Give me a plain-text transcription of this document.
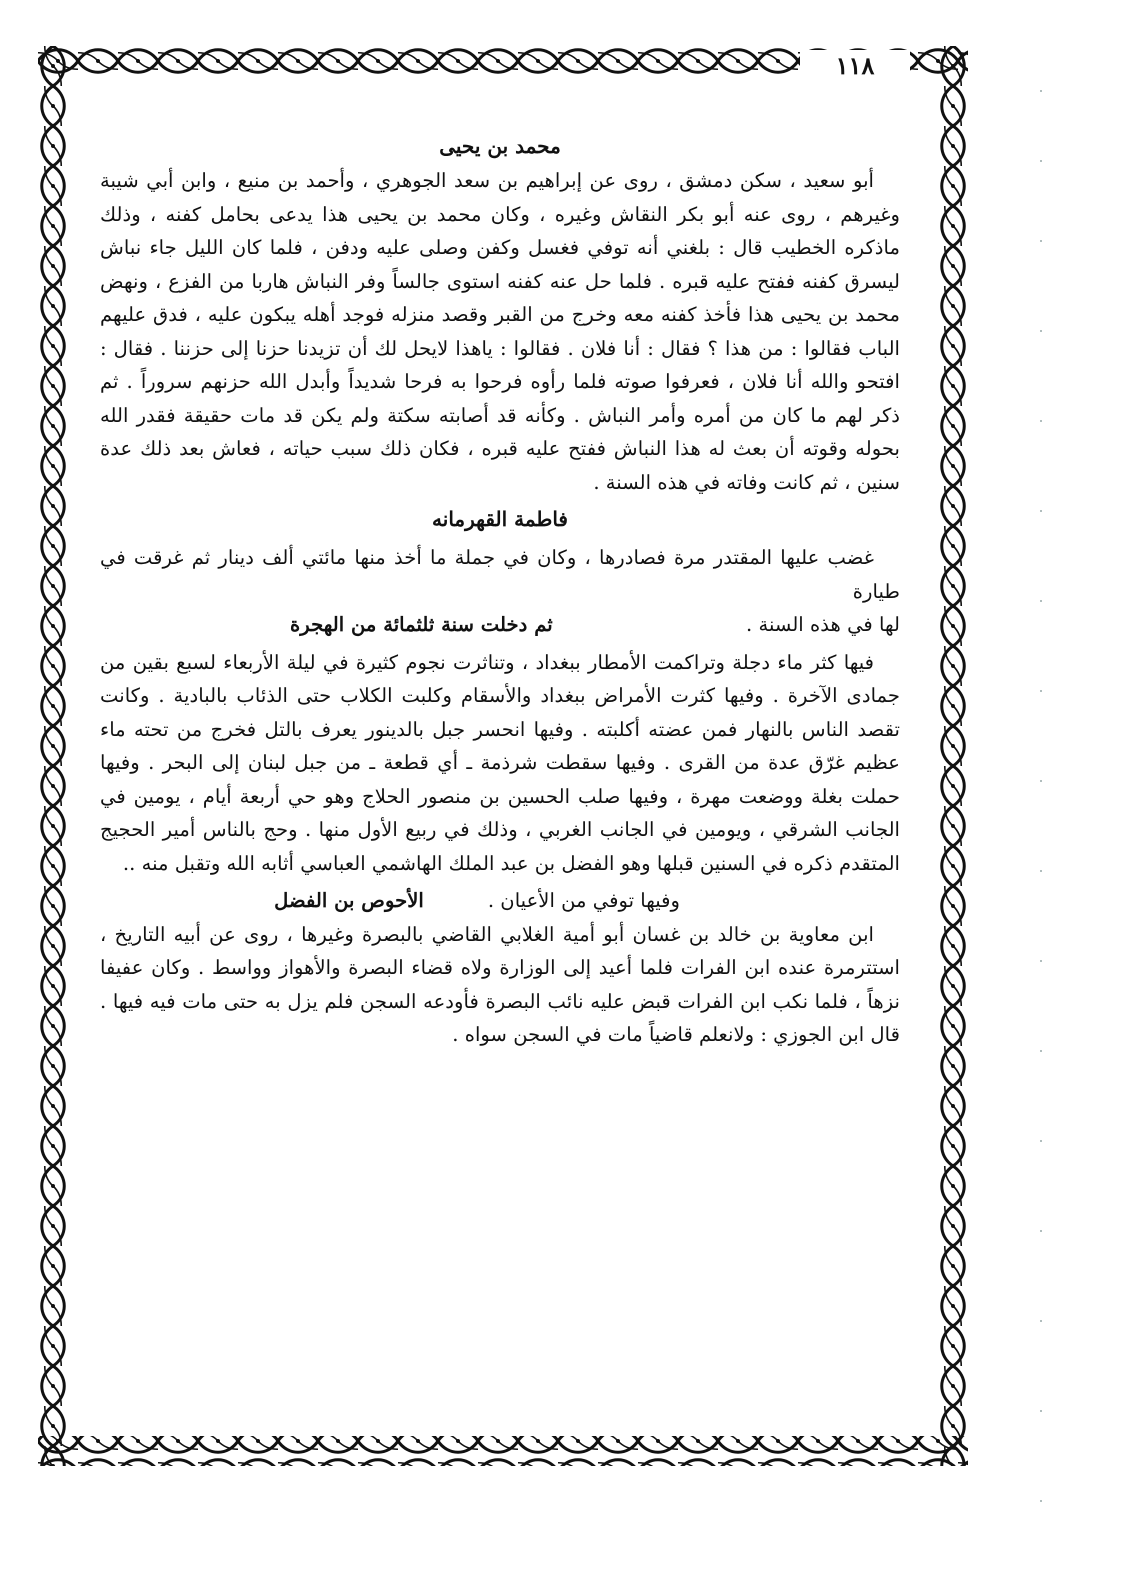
١١٨

محمد بن يحيى

أبو سعيد ، سكن دمشق ، روى عن إبراهيم بن سعد الجوهري ، وأحمد بن منيع ، وابن أبي شيبة وغيرهم ، روى عنه أبو بكر النقاش وغيره ، وكان محمد بن يحيى هذا يدعى بحامل كفنه ، وذلك ماذكره الخطيب قال : بلغني أنه توفي فغسل وكفن وصلى عليه ودفن ، فلما كان الليل جاء نباش ليسرق كفنه ففتح عليه قبره . فلما حل عنه كفنه استوى جالساً وفر النباش هاربا من الفزع ، ونهض محمد بن يحيى هذا فأخذ كفنه معه وخرج من القبر وقصد منزله فوجد أهله يبكون عليه ، فدق عليهم الباب فقالوا : من هذا ؟ فقال : أنا فلان . فقالوا : ياهذا لايحل لك أن تزيدنا حزنا إلى حزننا . فقال : افتحو والله أنا فلان ، فعرفوا صوته فلما رأوه فرحوا به فرحا شديداً وأبدل الله حزنهم سروراً . ثم ذكر لهم ما كان من أمره وأمر النباش . وكأنه قد أصابته سكتة ولم يكن قد مات حقيقة فقدر الله بحوله وقوته أن بعث له هذا النباش ففتح عليه قبره ، فكان ذلك سبب حياته ، فعاش بعد ذلك عدة سنين ، ثم كانت وفاته في هذه السنة .

فاطمة القهرمانه

غضب عليها المقتدر مرة فصادرها ، وكان في جملة ما أخذ منها مائتي ألف دينار ثم غرقت في طيارة

لها في هذه السنة .
ثم دخلت سنة ثلثمائة من الهجرة

فيها كثر ماء دجلة وتراكمت الأمطار ببغداد ، وتناثرت نجوم كثيرة في ليلة الأربعاء لسبع بقين من جمادى الآخرة . وفيها كثرت الأمراض ببغداد والأسقام وكلبت الكلاب حتى الذئاب بالبادية . وكانت تقصد الناس بالنهار فمن عضته أكلبته . وفيها انحسر جبل بالدينور يعرف بالتل فخرج من تحته ماء عظيم غرّق عدة من القرى . وفيها سقطت شرذمة ـ أي قطعة ـ من جبل لبنان إلى البحر . وفيها حملت بغلة ووضعت مهرة ، وفيها صلب الحسين بن منصور الحلاج وهو حي أربعة أيام ، يومين في الجانب الشرقي ، ويومين في الجانب الغربي ، وذلك في ربيع الأول منها . وحج بالناس أمير الحجيج المتقدم ذكره في السنين قبلها وهو الفضل بن عبد الملك الهاشمي العباسي أثابه الله وتقبل منه ..

وفيها توفي من الأعيان .الأحوص بن الفضل

ابن معاوية بن خالد بن غسان أبو أمية الغلابي القاضي بالبصرة وغيرها ، روى عن أبيه التاريخ ، استترمرة عنده ابن الفرات فلما أعيد إلى الوزارة ولاه قضاء البصرة والأهواز وواسط . وكان عفيفا نزهاً ، فلما نكب ابن الفرات قبض عليه نائب البصرة فأودعه السجن فلم يزل به حتى مات فيه فيها . قال ابن الجوزي : ولانعلم قاضياً مات في السجن سواه .
